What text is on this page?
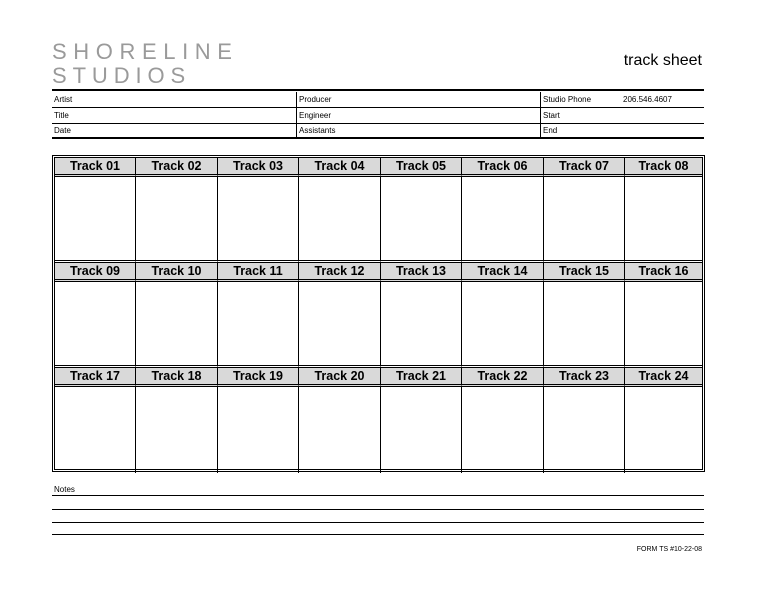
SHORELINE
STUDIOS
track sheet
Artist	Producer	Studio Phone	206.546.4607
Title	Engineer	Start
Date	Assistants	End
Track 01	Track 02	Track 03	Track 04	Track 05	Track 06	Track 07	Track 08
Track 09	Track 10	Track 11	Track 12	Track 13	Track 14	Track 15	Track 16
Track 17	Track 18	Track 19	Track 20	Track 21	Track 22	Track 23	Track 24
Notes
FORM TS #10-22-08
